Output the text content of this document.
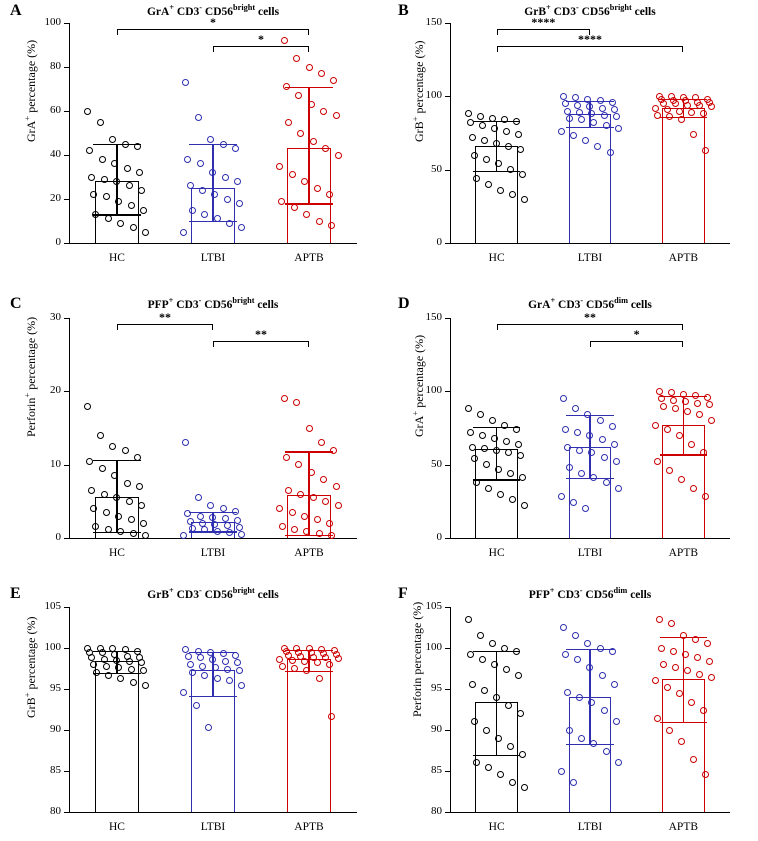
A	GrA+ CD3- $CD56^{bright}$ cells
GrA+ percentage (%)
0
20
40
60
80
100
HC	LTBI	APTB
*
*
B	GrB+ CD3- $CD56^{bright}$ cells
GrB+ percentage (%)
0
50
100
150
HC	LTBI	APTB
****
****
C	PFP+ CD3- $CD56^{bright}$ cells
Perforin+ percentage (%)
0
10
20
30
HC	LTBI	APTB
**
**
D	GrA+ CD3- $CD56^{dim}$ cells
GrA+ percentage (%)
0
50
100
150
HC	LTBI	APTB
**
*
E	GrB+ CD3- $CD56^{bright}$ cells
GrB+ percentage (%)
80
85
90
95
100
105
HC	LTBI	APTB
F	PFP+ CD3- $CD56^{dim}$ cells
Perforin percentage (%)
80
85
90
95
100
105
HC	LTBI	APTB
